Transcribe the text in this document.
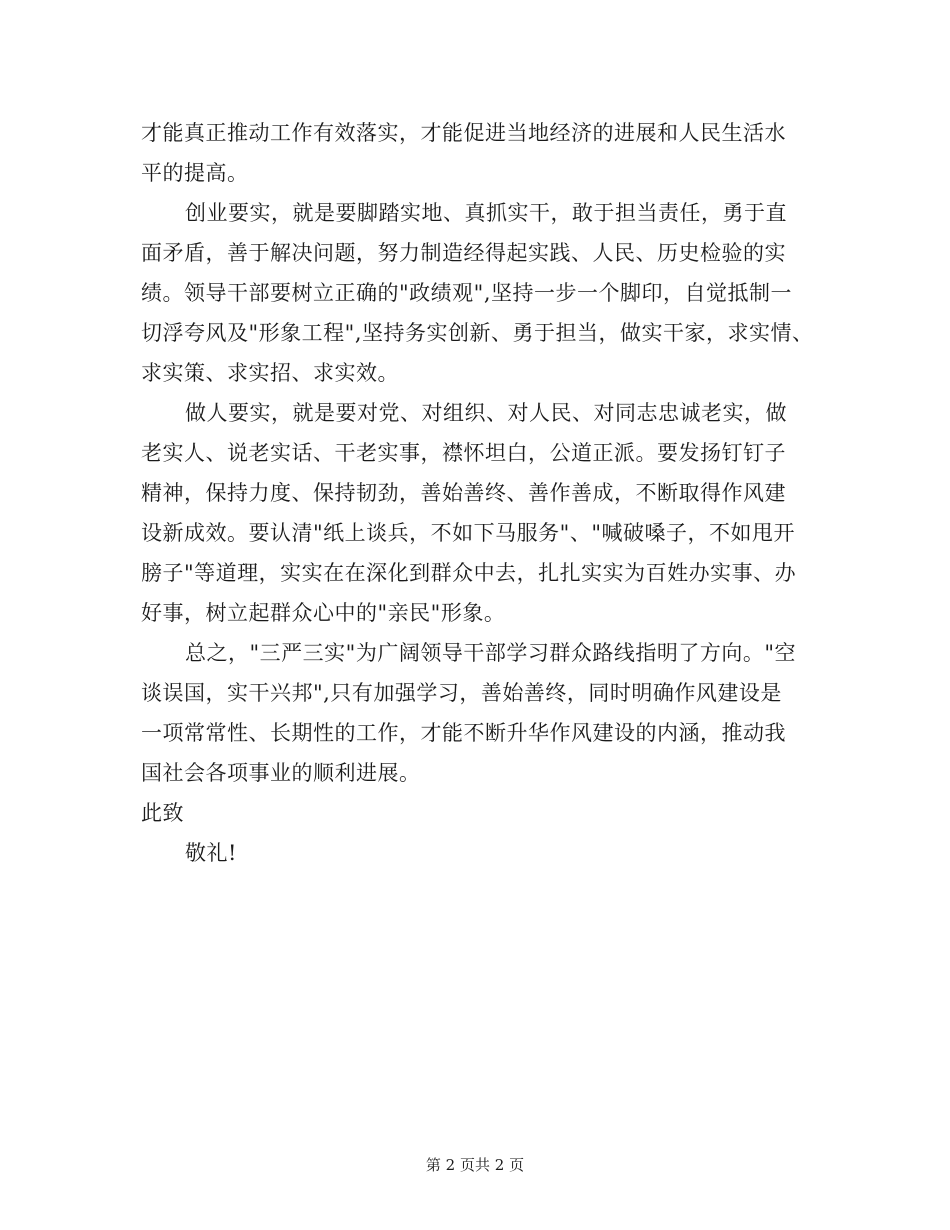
才能真正推动工作有效落实，才能促进当地经济的进展和人民生活水
平的提高。
创业要实，就是要脚踏实地、真抓实干，敢于担当责任，勇于直
面矛盾，善于解决问题，努力制造经得起实践、人民、历史检验的实
绩。领导干部要树立正确的"政绩观",坚持一步一个脚印，自觉抵制一
切浮夸风及"形象工程",坚持务实创新、勇于担当，做实干家，求实情、
求实策、求实招、求实效。
做人要实，就是要对党、对组织、对人民、对同志忠诚老实，做
老实人、说老实话、干老实事，襟怀坦白，公道正派。要发扬钉钉子
精神，保持力度、保持韧劲，善始善终、善作善成，不断取得作风建
设新成效。要认清"纸上谈兵，不如下马服务"、"喊破嗓子，不如甩开
膀子"等道理，实实在在深化到群众中去，扎扎实实为百姓办实事、办
好事，树立起群众心中的"亲民"形象。
总之，"三严三实"为广阔领导干部学习群众路线指明了方向。"空
谈误国，实干兴邦",只有加强学习，善始善终，同时明确作风建设是
一项常常性、长期性的工作，才能不断升华作风建设的内涵，推动我
国社会各项事业的顺利进展。
此致
敬礼!
第 2 页共 2 页
